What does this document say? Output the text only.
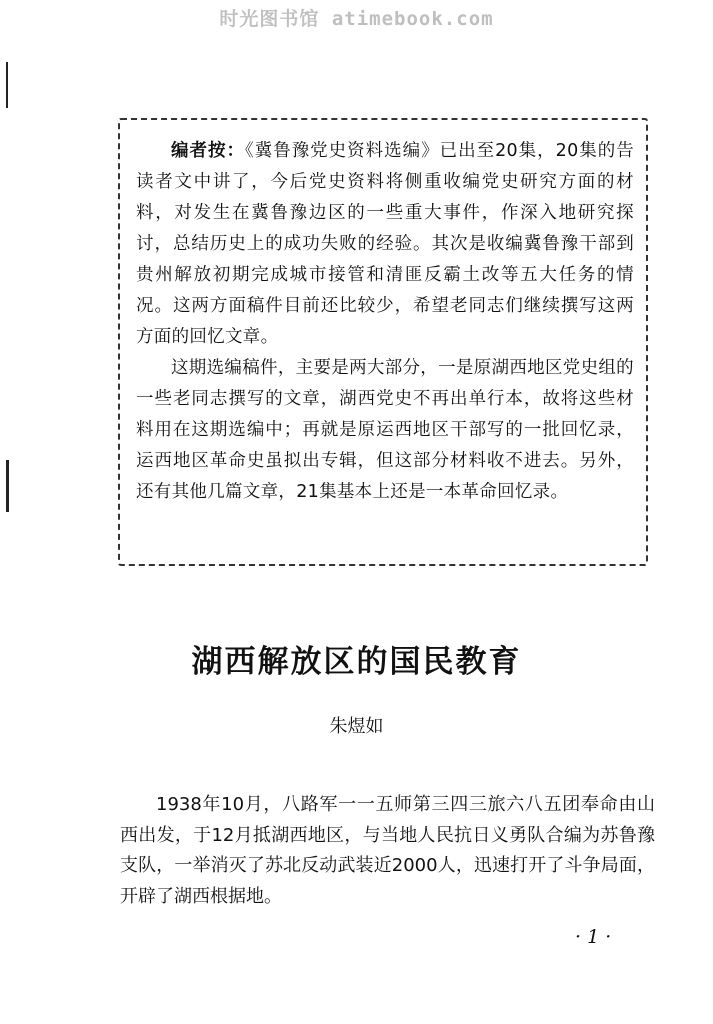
时光图书馆 atimebook.com

编者按：《冀鲁豫党史资料选编》已出至20集，20集的告读者文中讲了，今后党史资料将侧重收编党史研究方面的材料，对发生在冀鲁豫边区的一些重大事件，作深入地研究探讨，总结历史上的成功失败的经验。其次是收编冀鲁豫干部到贵州解放初期完成城市接管和清匪反霸土改等五大任务的情况。这两方面稿件目前还比较少，希望老同志们继续撰写这两方面的回忆文章。

这期选编稿件，主要是两大部分，一是原湖西地区党史组的一些老同志撰写的文章，湖西党史不再出单行本，故将这些材料用在这期选编中；再就是原运西地区干部写的一批回忆录，运西地区革命史虽拟出专辑，但这部分材料收不进去。另外，还有其他几篇文章，21集基本上还是一本革命回忆录。

湖西解放区的国民教育
朱煜如

1938年10月，八路军一一五师第三四三旅六八五团奉命由山西出发，于12月抵湖西地区，与当地人民抗日义勇队合编为苏鲁豫支队，一举消灭了苏北反动武装近2000人，迅速打开了斗争局面，开辟了湖西根据地。

· 1 ·
